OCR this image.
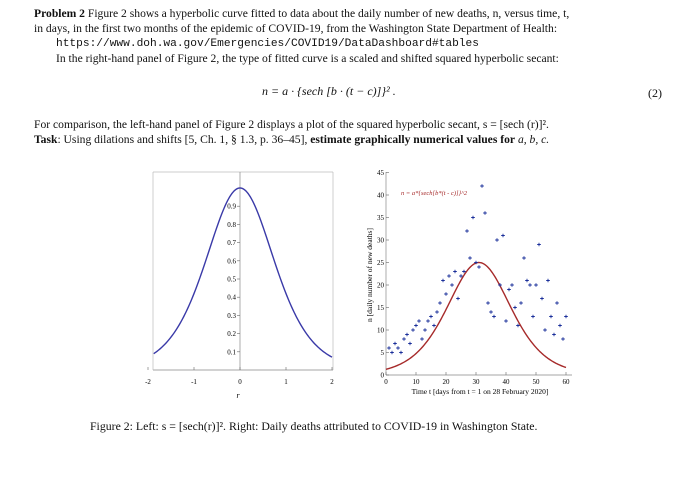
Problem 2 Figure 2 shows a hyperbolic curve fitted to data about the daily number of new deaths, n, versus time, t,
in days, in the first two months of the epidemic of COVID-19, from the Washington State Department of Health:
https://www.doh.wa.gov/Emergencies/COVID19/DataDashboard#tables
In the right-hand panel of Figure 2, the type of fitted curve is a scaled and shifted squared hyperbolic secant:
n = a · {sech [b · (t − c)]}² .	(2)
For comparison, the left-hand panel of Figure 2 displays a plot of the squared hyperbolic secant, s = [sech (r)]².
Task: Using dilations and shifts [5, Ch. 1, § 1.3, p. 36–45], estimate graphically numerical values for a, b, c.
0.1
0.2
0.3
0.4
0.5
0.6
0.7
0.8
0.9
-2	-1	0	1	2
r
0
5
10
15
20
25
30
35
40
45
0	10	20	30	40	50	60
n = a*{sech[b*(t - c)]}^2
Time t [days from t = 1 on 28 February 2020]
n [daily number of new deaths]
Figure 2: Left: s = [sech(r)]². Right: Daily deaths attributed to COVID-19 in Washington State.
